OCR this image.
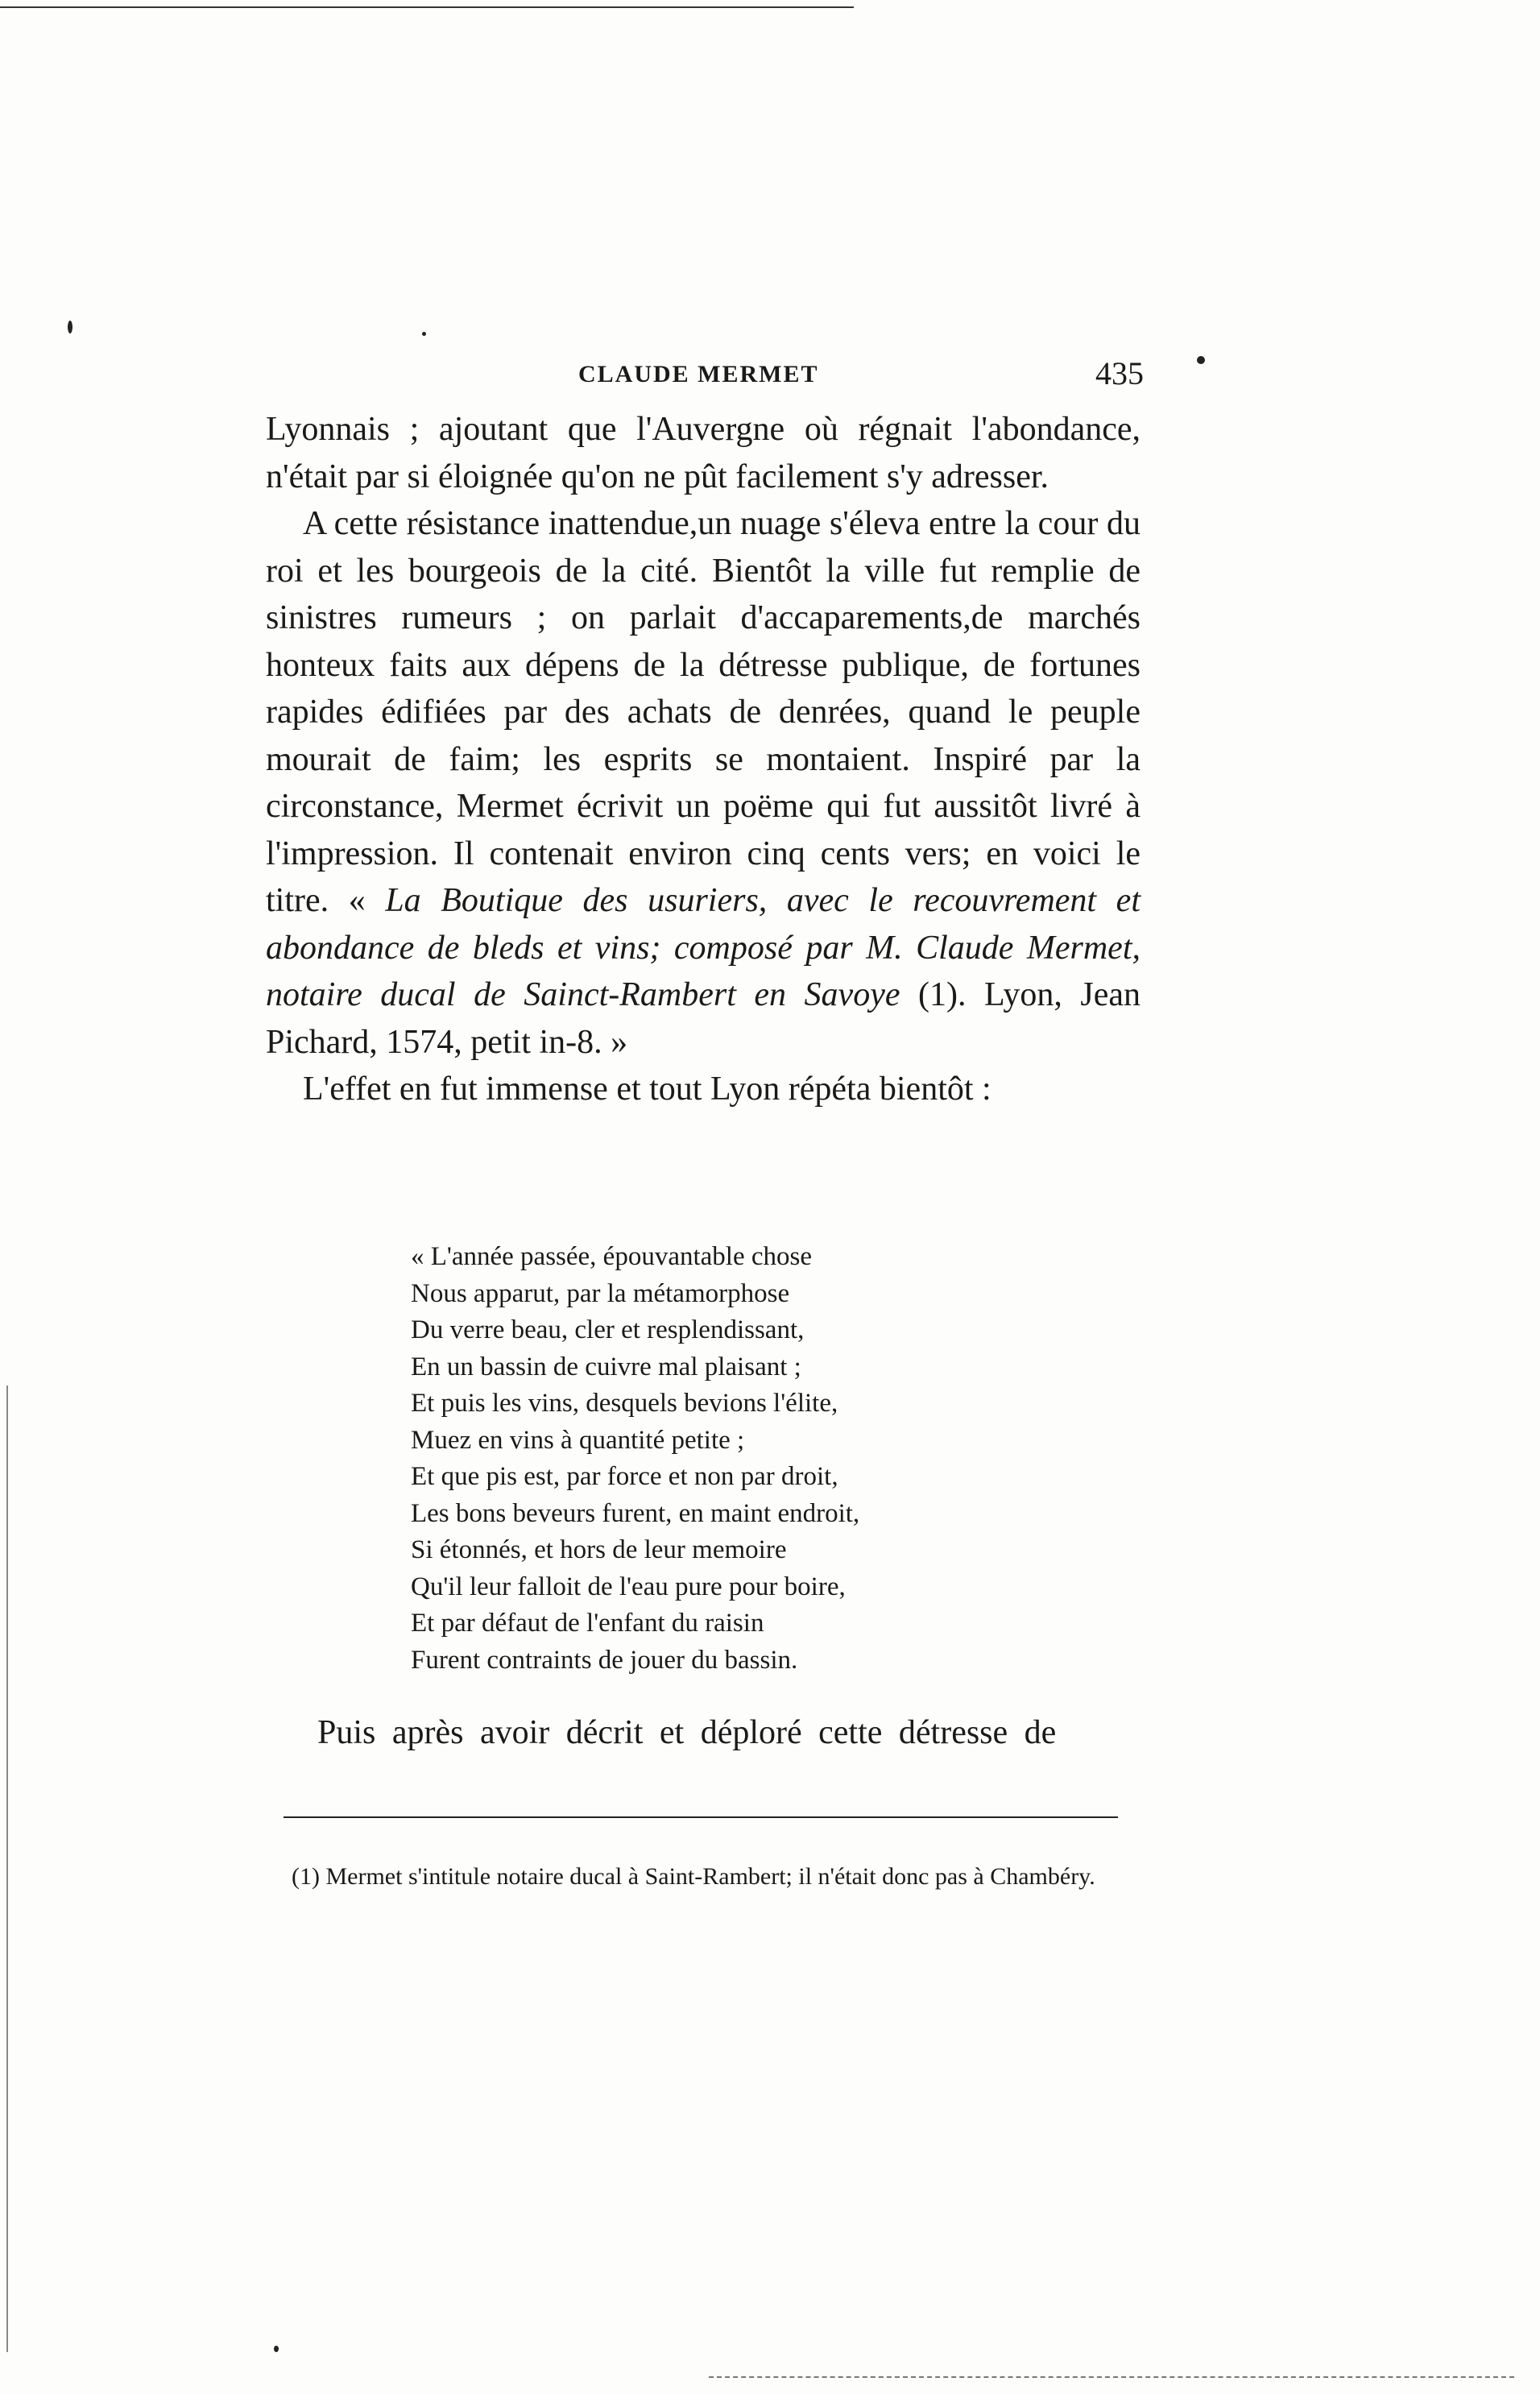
CLAUDE MERMET	435

Lyonnais ; ajoutant que l'Auvergne où régnait l'abondance, n'était par si éloignée qu'on ne pût facilement s'y adresser.

A cette résistance inattendue,un nuage s'éleva entre la cour du roi et les bourgeois de la cité. Bientôt la ville fut remplie de sinistres rumeurs ; on parlait d'accaparements,de marchés honteux faits aux dépens de la détresse publique, de fortunes rapides édifiées par des achats de denrées, quand le peuple mourait de faim; les esprits se montaient. Inspiré par la circonstance, Mermet écrivit un poëme qui fut aussitôt livré à l'impression. Il contenait environ cinq cents vers; en voici le titre. « La Boutique des usuriers, avec le recouvrement et abondance de bleds et vins; composé par M. Claude Mermet, notaire ducal de Sainct-Rambert en Savoye (1). Lyon, Jean Pichard, 1574, petit in-8. »

L'effet en fut immense et tout Lyon répéta bientôt :

« L'année passée, épouvantable chose
Nous apparut, par la métamorphose
Du verre beau, cler et resplendissant,
En un bassin de cuivre mal plaisant ;
Et puis les vins, desquels bevions l'élite,
Muez en vins à quantité petite ;
Et que pis est, par force et non par droit,
Les bons beveurs furent, en maint endroit,
Si étonnés, et hors de leur memoire
Qu'il leur falloit de l'eau pure pour boire,
Et par défaut de l'enfant du raisin
Furent contraints de jouer du bassin.
Puis après avoir décrit et déploré cette détresse de

(1) Mermet s'intitule notaire ducal à Saint-Rambert; il n'était donc pas à Chambéry.
